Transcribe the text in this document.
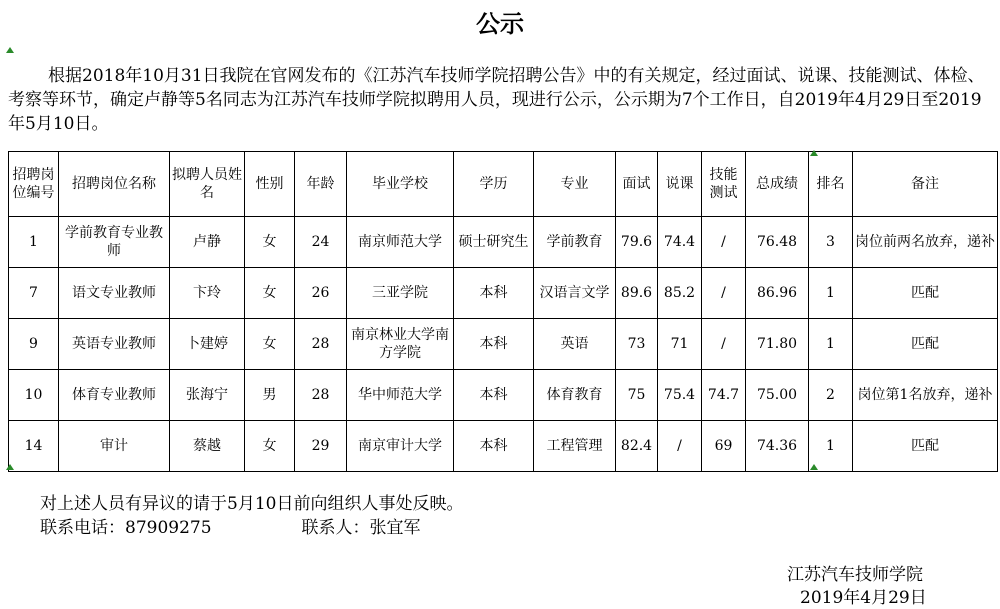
公示
根据2018年10月31日我院在官网发布的《江苏汽车技师学院招聘公告》中的有关规定，经过面试、说课、技能测试、体检、考察等环节，确定卢静等5名同志为江苏汽车技师学院拟聘用人员，现进行公示，公示期为7个工作日，自2019年4月29日至2019年5月10日。
招聘岗位编号	招聘岗位名称	拟聘人员姓名	性别	年龄	毕业学校	学历	专业	面试	说课	技能测试	总成绩	排名	备注
1	学前教育专业教师	卢静	女	24	南京师范大学	硕士研究生	学前教育	79.6	74.4	/	76.48	3	岗位前两名放弃，递补
7	语文专业教师	卞玲	女	26	三亚学院	本科	汉语言文学	89.6	85.2	/	86.96	1	匹配
9	英语专业教师	卜建婷	女	28	南京林业大学南方学院	本科	英语	73	71	/	71.80	1	匹配
10	体育专业教师	张海宁	男	28	华中师范大学	本科	体育教育	75	75.4	74.7	75.00	2	岗位第1名放弃，递补
14	审计	蔡越	女	29	南京审计大学	本科	工程管理	82.4	/	69	74.36	1	匹配
对上述人员有异议的请于5月10日前向组织人事处反映。
联系电话：87909275	联系人：张宜军
江苏汽车技师学院
2019年4月29日
